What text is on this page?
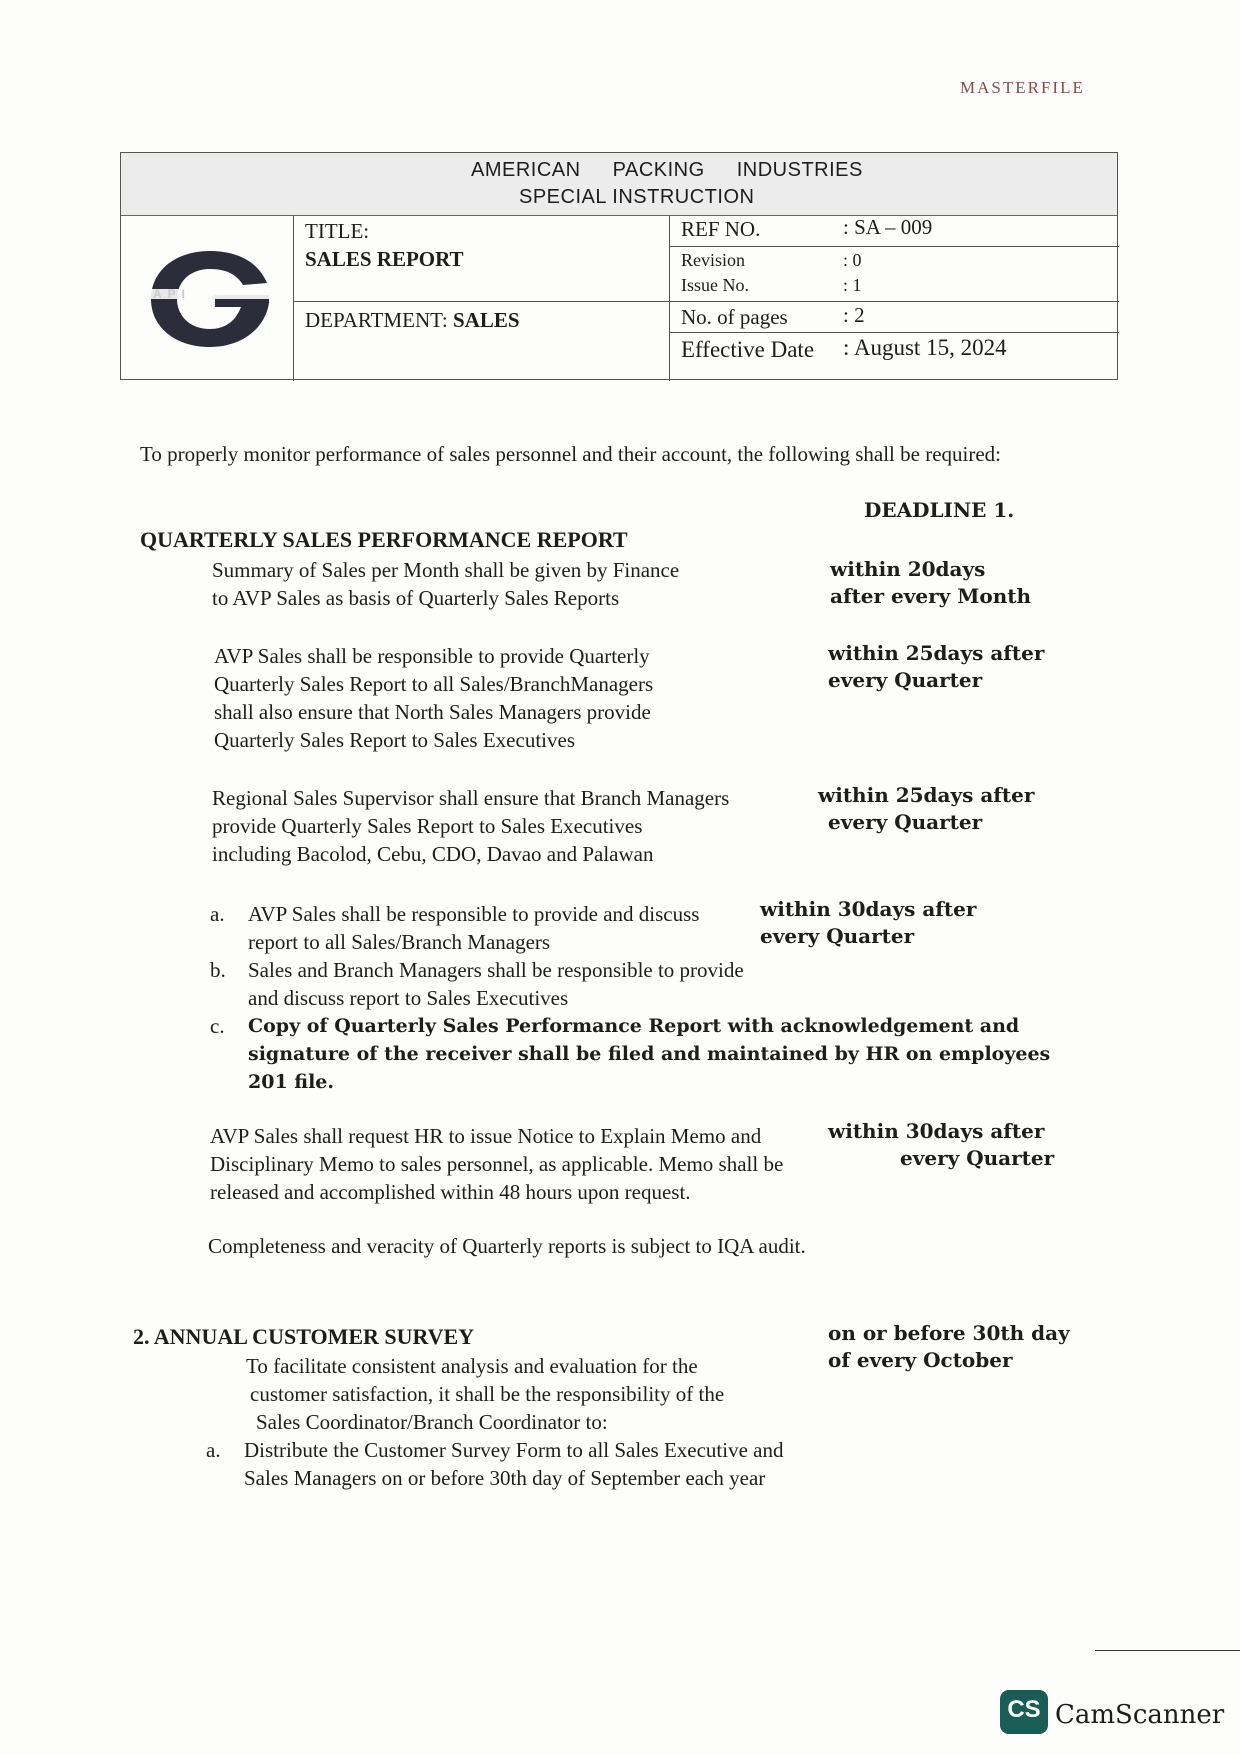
MASTERFILE
AMERICAN PACKING INDUSTRIES
SPECIAL INSTRUCTION
API
TITLE:
SALES REPORT
DEPARTMENT: SALES
REF NO.	: SA – 009
Revision	: 0
Issue No.	: 1
No. of pages	: 2
Effective Date : August 15, 2024
To properly monitor performance of sales personnel and their account, the following shall be required:
DEADLINE 1.
QUARTERLY SALES PERFORMANCE REPORT
Summary of Sales per Month shall be given by Finance
to AVP Sales as basis of Quarterly Sales Reports
within 20days
after every Month
AVP Sales shall be responsible to provide Quarterly
Quarterly Sales Report to all Sales/BranchManagers
shall also ensure that North Sales Managers provide
Quarterly Sales Report to Sales Executives
within 25days after
every Quarter
Regional Sales Supervisor shall ensure that Branch Managers
provide Quarterly Sales Report to Sales Executives
including Bacolod, Cebu, CDO, Davao and Palawan
within 25days after
every Quarter
a. AVP Sales shall be responsible to provide and discuss
report to all Sales/Branch Managers
within 30days after
every Quarter
b. Sales and Branch Managers shall be responsible to provide
and discuss report to Sales Executives
c. Copy of Quarterly Sales Performance Report with acknowledgement and
signature of the receiver shall be filed and maintained by HR on employees
201 file.
AVP Sales shall request HR to issue Notice to Explain Memo and
Disciplinary Memo to sales personnel, as applicable. Memo shall be
released and accomplished within 48 hours upon request.
within 30days after
every Quarter
Completeness and veracity of Quarterly reports is subject to IQA audit.
2. ANNUAL CUSTOMER SURVEY	on or before 30th day
of every October
To facilitate consistent analysis and evaluation for the
customer satisfaction, it shall be the responsibility of the
Sales Coordinator/Branch Coordinator to:
a. Distribute the Customer Survey Form to all Sales Executive and
Sales Managers on or before 30th day of September each year
CS CamScanner
